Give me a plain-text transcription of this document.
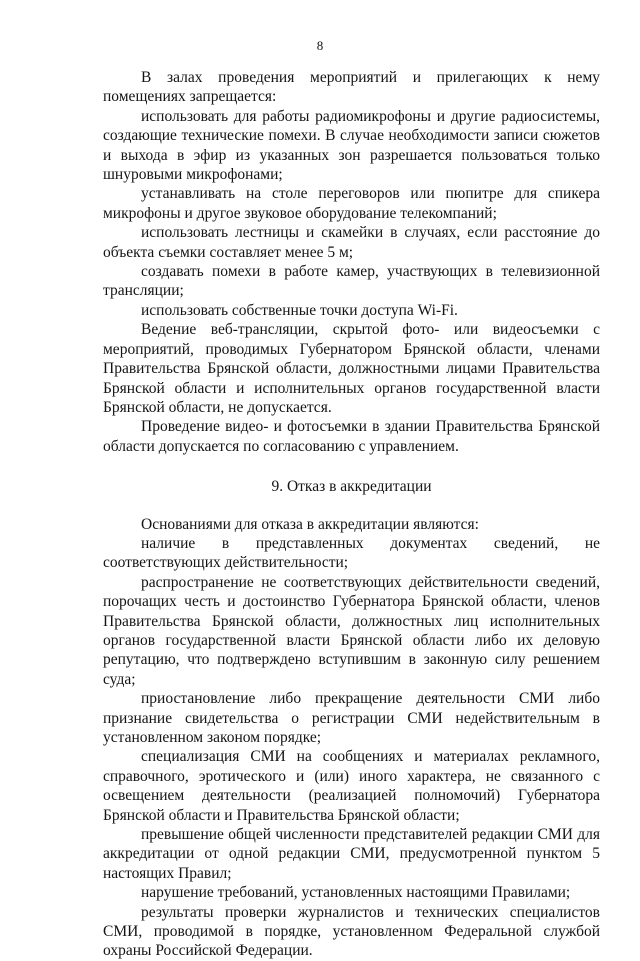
8

В залах проведения мероприятий и прилегающих к нему помещениях запрещается:

использовать для работы радиомикрофоны и другие радиосистемы, создающие технические помехи. В случае необходимости записи сюжетов и выхода в эфир из указанных зон разрешается пользоваться только шнуровыми микрофонами;

устанавливать на столе переговоров или пюпитре для спикера микрофоны и другое звуковое оборудование телекомпаний;

использовать лестницы и скамейки в случаях, если расстояние до объекта съемки составляет менее 5 м;

создавать помехи в работе камер, участвующих в телевизионной трансляции;

использовать собственные точки доступа Wi-Fi.

Ведение веб-трансляции, скрытой фото- или видеосъемки с мероприятий, проводимых Губернатором Брянской области, членами Правительства Брянской области, должностными лицами Правительства Брянской области и исполнительных органов государственной власти Брянской области, не допускается.

Проведение видео- и фотосъемки в здании Правительства Брянской области допускается по согласованию с управлением.

9. Отказ в аккредитации

Основаниями для отказа в аккредитации являются:

наличие в представленных документах сведений, не соответствующих действительности;

распространение не соответствующих действительности сведений, порочащих честь и достоинство Губернатора Брянской области, членов Правительства Брянской области, должностных лиц исполнительных органов государственной власти Брянской области либо их деловую репутацию, что подтверждено вступившим в законную силу решением суда;

приостановление либо прекращение деятельности СМИ либо признание свидетельства о регистрации СМИ недействительным в установленном законом порядке;

специализация СМИ на сообщениях и материалах рекламного, справочного, эротического и (или) иного характера, не связанного с освещением деятельности (реализацией полномочий) Губернатора Брянской области и Правительства Брянской области;

превышение общей численности представителей редакции СМИ для аккредитации от одной редакции СМИ, предусмотренной пунктом 5 настоящих Правил;

нарушение требований, установленных настоящими Правилами;

результаты проверки журналистов и технических специалистов СМИ, проводимой в порядке, установленном Федеральной службой охраны Российской Федерации.
